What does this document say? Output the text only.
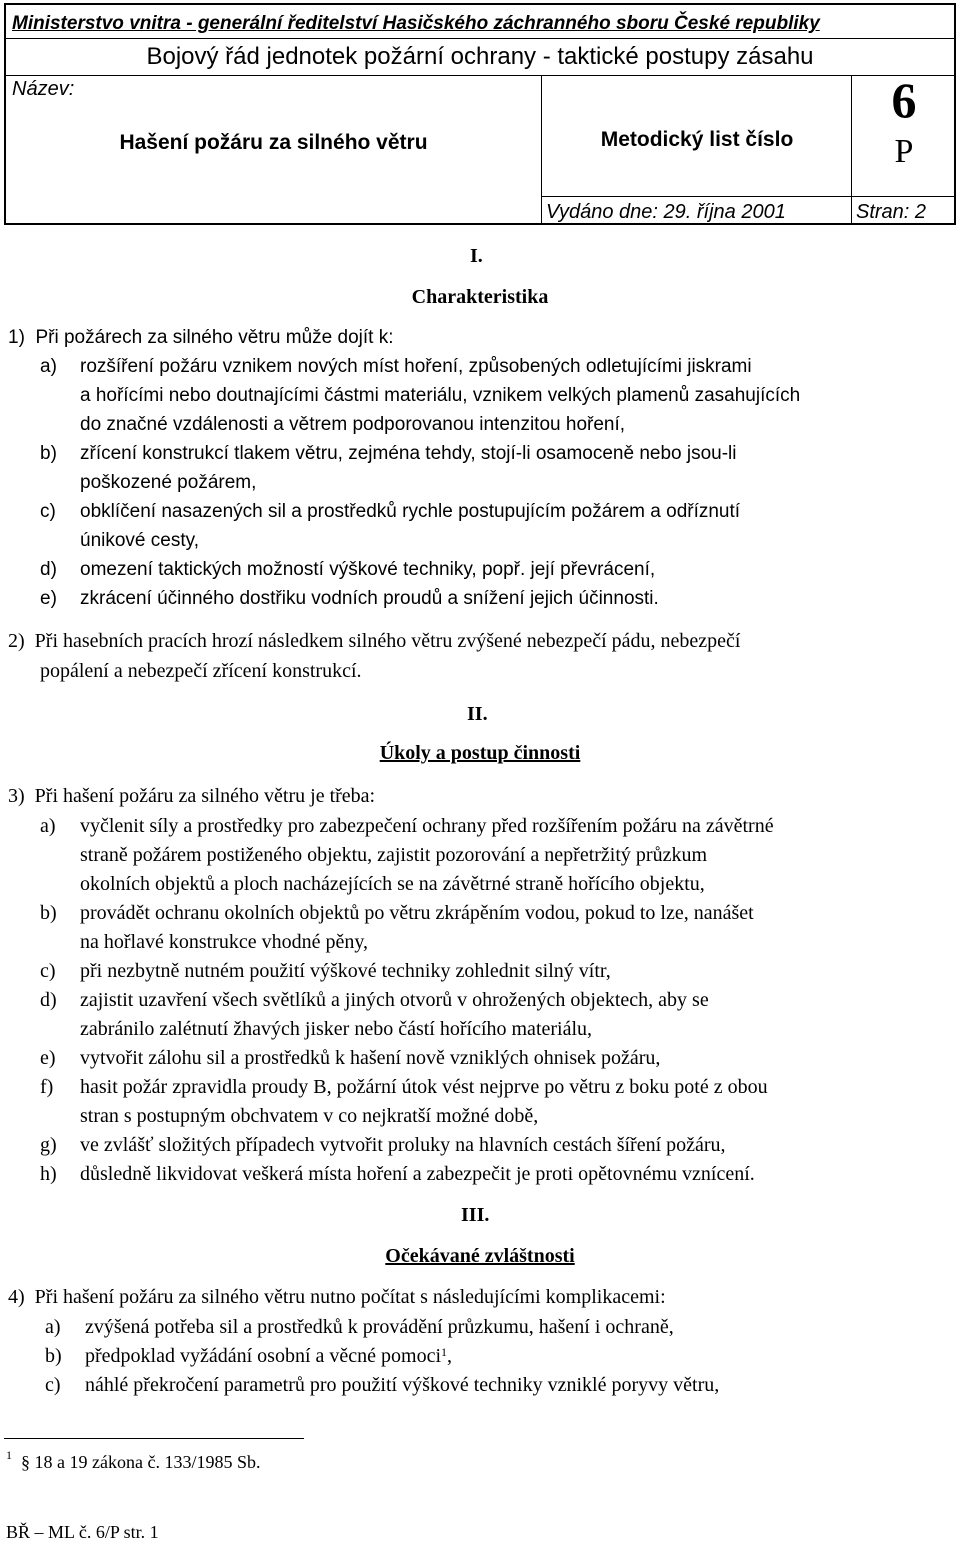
Ministerstvo vnitra - generální ředitelství Hasičského záchranného sboru České republiky
Bojový řád jednotek požární ochrany - taktické postupy zásahu
Název:
Hašení požáru za silného větru	Metodický list číslo
6
P
Vydáno dne: 29. října 2001	Stran: 2
I.
Charakteristika
1) Při požárech za silného větru může dojít k:
a) rozšíření požáru vznikem nových míst hoření, způsobených odletujícími jiskrami
a hořícími nebo doutnajícími částmi materiálu, vznikem velkých plamenů zasahujících
do značné vzdálenosti a větrem podporovanou intenzitou hoření,
b) zřícení konstrukcí tlakem větru, zejména tehdy, stojí-li osamoceně nebo jsou-li
poškozené požárem,
c) obklíčení nasazených sil a prostředků rychle postupujícím požárem a odříznutí
únikové cesty,
d) omezení taktických možností výškové techniky, popř. její převrácení,
e) zkrácení účinného dostřiku vodních proudů a snížení jejich účinnosti.
2) Při hasebních pracích hrozí následkem silného větru zvýšené nebezpečí pádu, nebezpečí
popálení a nebezpečí zřícení konstrukcí.
II.
Úkoly a postup činnosti
3) Při hašení požáru za silného větru je třeba:
a) vyčlenit síly a prostředky pro zabezpečení ochrany před rozšířením požáru na závětrné
straně požárem postiženého objektu, zajistit pozorování a nepřetržitý průzkum
okolních objektů a ploch nacházejících se na závětrné straně hořícího objektu,
b) provádět ochranu okolních objektů po větru zkrápěním vodou, pokud to lze, nanášet
na hořlavé konstrukce vhodné pěny,
c) při nezbytně nutném použití výškové techniky zohlednit silný vítr,
d) zajistit uzavření všech světlíků a jiných otvorů v ohrožených objektech, aby se
zabránilo zalétnutí žhavých jisker nebo částí hořícího materiálu,
e) vytvořit zálohu sil a prostředků k hašení nově vzniklých ohnisek požáru,
f) hasit požár zpravidla proudy B, požární útok vést nejprve po větru z boku poté z obou
stran s postupným obchvatem v co nejkratší možné době,
g) ve zvlášť složitých případech vytvořit proluky na hlavních cestách šíření požáru,
h) důsledně likvidovat veškerá místa hoření a zabezpečit je proti opětovnému vznícení.
III.
Očekávané zvláštnosti
4) Při hašení požáru za silného větru nutno počítat s následujícími komplikacemi:
a) zvýšená potřeba sil a prostředků k provádění průzkumu, hašení i ochraně,
b) předpoklad vyžádání osobní a věcné pomoci$^1$,
c) náhlé překročení parametrů pro použití výškové techniky vzniklé poryvy větru,
$^1$  § 18 a 19 zákona č. 133/1985 Sb.
BŘ – ML č. 6/P str. 1
